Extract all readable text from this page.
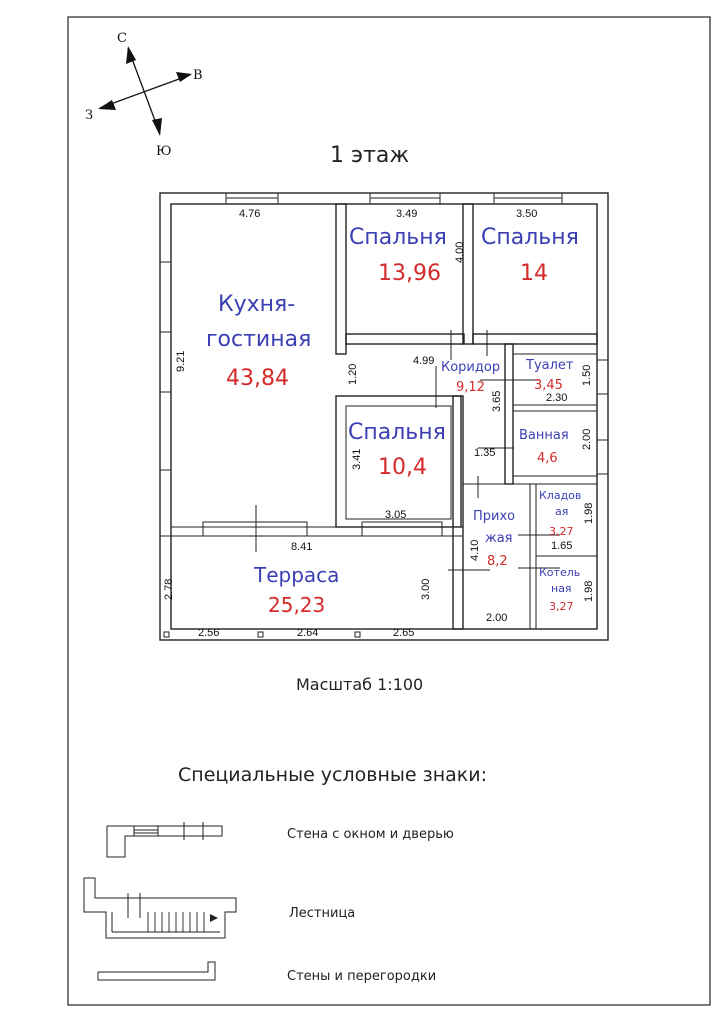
С
В
З
Ю	1 этаж
Кухня-
гостиная
43,84
Спальня
13,96
Спальня
14
Спальня
10,4
Коридор
9,12
Туалет
3,45
Ванная
4,6
Прихо
жая
8,2
Кладов
ая
3,27
Котель
ная
3,27
Терраса
25,23
4.76	3.49	3.50
4.00
9.21	4.99
1.20
3.65
1.50
2.30
3.41
2.00
1.35
1.98
1.65
3.05
8.41	4.10
2.78	3.00	1.98
2.56	2.64	2.65
2.00
Масштаб 1:100
Специальные условные знаки:
Стена с окном и дверью
Лестница
Стены и перегородки
